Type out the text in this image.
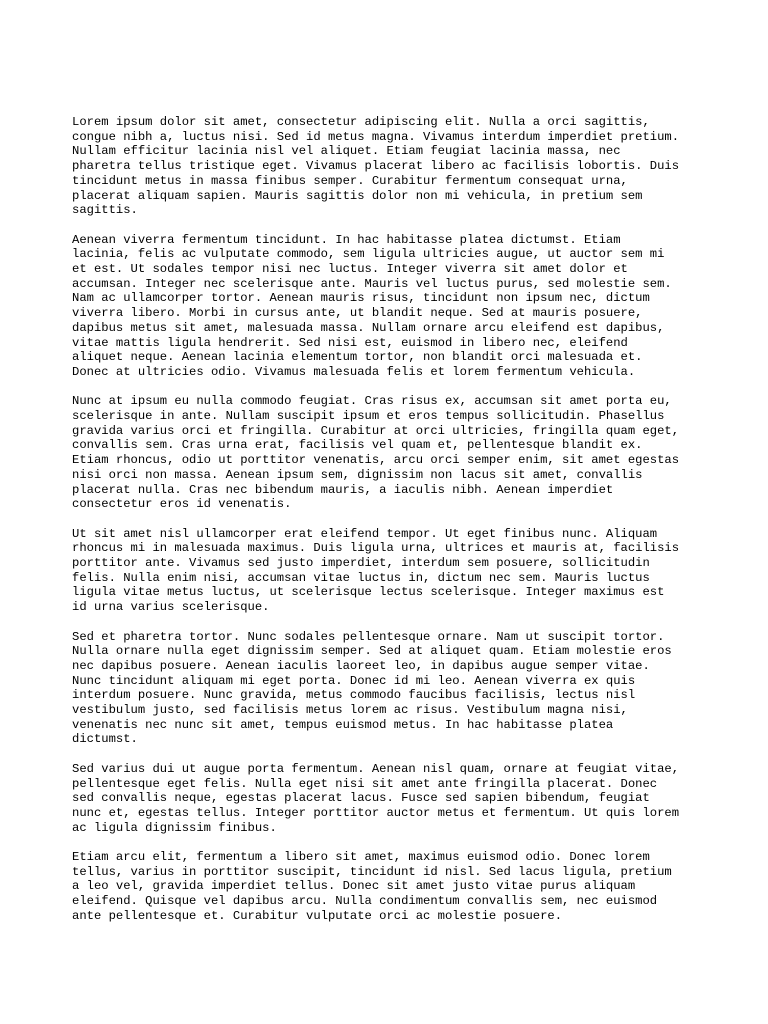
Lorem ipsum dolor sit amet, consectetur adipiscing elit. Nulla a orci sagittis,
congue nibh a, luctus nisi. Sed id metus magna. Vivamus interdum imperdiet pretium.
Nullam efficitur lacinia nisl vel aliquet. Etiam feugiat lacinia massa, nec
pharetra tellus tristique eget. Vivamus placerat libero ac facilisis lobortis. Duis
tincidunt metus in massa finibus semper. Curabitur fermentum consequat urna,
placerat aliquam sapien. Mauris sagittis dolor non mi vehicula, in pretium sem
sagittis.
Aenean viverra fermentum tincidunt. In hac habitasse platea dictumst. Etiam
lacinia, felis ac vulputate commodo, sem ligula ultricies augue, ut auctor sem mi
et est. Ut sodales tempor nisi nec luctus. Integer viverra sit amet dolor et
accumsan. Integer nec scelerisque ante. Mauris vel luctus purus, sed molestie sem.
Nam ac ullamcorper tortor. Aenean mauris risus, tincidunt non ipsum nec, dictum
viverra libero. Morbi in cursus ante, ut blandit neque. Sed at mauris posuere,
dapibus metus sit amet, malesuada massa. Nullam ornare arcu eleifend est dapibus,
vitae mattis ligula hendrerit. Sed nisi est, euismod in libero nec, eleifend
aliquet neque. Aenean lacinia elementum tortor, non blandit orci malesuada et.
Donec at ultricies odio. Vivamus malesuada felis et lorem fermentum vehicula.
Nunc at ipsum eu nulla commodo feugiat. Cras risus ex, accumsan sit amet porta eu,
scelerisque in ante. Nullam suscipit ipsum et eros tempus sollicitudin. Phasellus
gravida varius orci et fringilla. Curabitur at orci ultricies, fringilla quam eget,
convallis sem. Cras urna erat, facilisis vel quam et, pellentesque blandit ex.
Etiam rhoncus, odio ut porttitor venenatis, arcu orci semper enim, sit amet egestas
nisi orci non massa. Aenean ipsum sem, dignissim non lacus sit amet, convallis
placerat nulla. Cras nec bibendum mauris, a iaculis nibh. Aenean imperdiet
consectetur eros id venenatis.
Ut sit amet nisl ullamcorper erat eleifend tempor. Ut eget finibus nunc. Aliquam
rhoncus mi in malesuada maximus. Duis ligula urna, ultrices et mauris at, facilisis
porttitor ante. Vivamus sed justo imperdiet, interdum sem posuere, sollicitudin
felis. Nulla enim nisi, accumsan vitae luctus in, dictum nec sem. Mauris luctus
ligula vitae metus luctus, ut scelerisque lectus scelerisque. Integer maximus est
id urna varius scelerisque.
Sed et pharetra tortor. Nunc sodales pellentesque ornare. Nam ut suscipit tortor.
Nulla ornare nulla eget dignissim semper. Sed at aliquet quam. Etiam molestie eros
nec dapibus posuere. Aenean iaculis laoreet leo, in dapibus augue semper vitae.
Nunc tincidunt aliquam mi eget porta. Donec id mi leo. Aenean viverra ex quis
interdum posuere. Nunc gravida, metus commodo faucibus facilisis, lectus nisl
vestibulum justo, sed facilisis metus lorem ac risus. Vestibulum magna nisi,
venenatis nec nunc sit amet, tempus euismod metus. In hac habitasse platea
dictumst.
Sed varius dui ut augue porta fermentum. Aenean nisl quam, ornare at feugiat vitae,
pellentesque eget felis. Nulla eget nisi sit amet ante fringilla placerat. Donec
sed convallis neque, egestas placerat lacus. Fusce sed sapien bibendum, feugiat
nunc et, egestas tellus. Integer porttitor auctor metus et fermentum. Ut quis lorem
ac ligula dignissim finibus.
Etiam arcu elit, fermentum a libero sit amet, maximus euismod odio. Donec lorem
tellus, varius in porttitor suscipit, tincidunt id nisl. Sed lacus ligula, pretium
a leo vel, gravida imperdiet tellus. Donec sit amet justo vitae purus aliquam
eleifend. Quisque vel dapibus arcu. Nulla condimentum convallis sem, nec euismod
ante pellentesque et. Curabitur vulputate orci ac molestie posuere.
